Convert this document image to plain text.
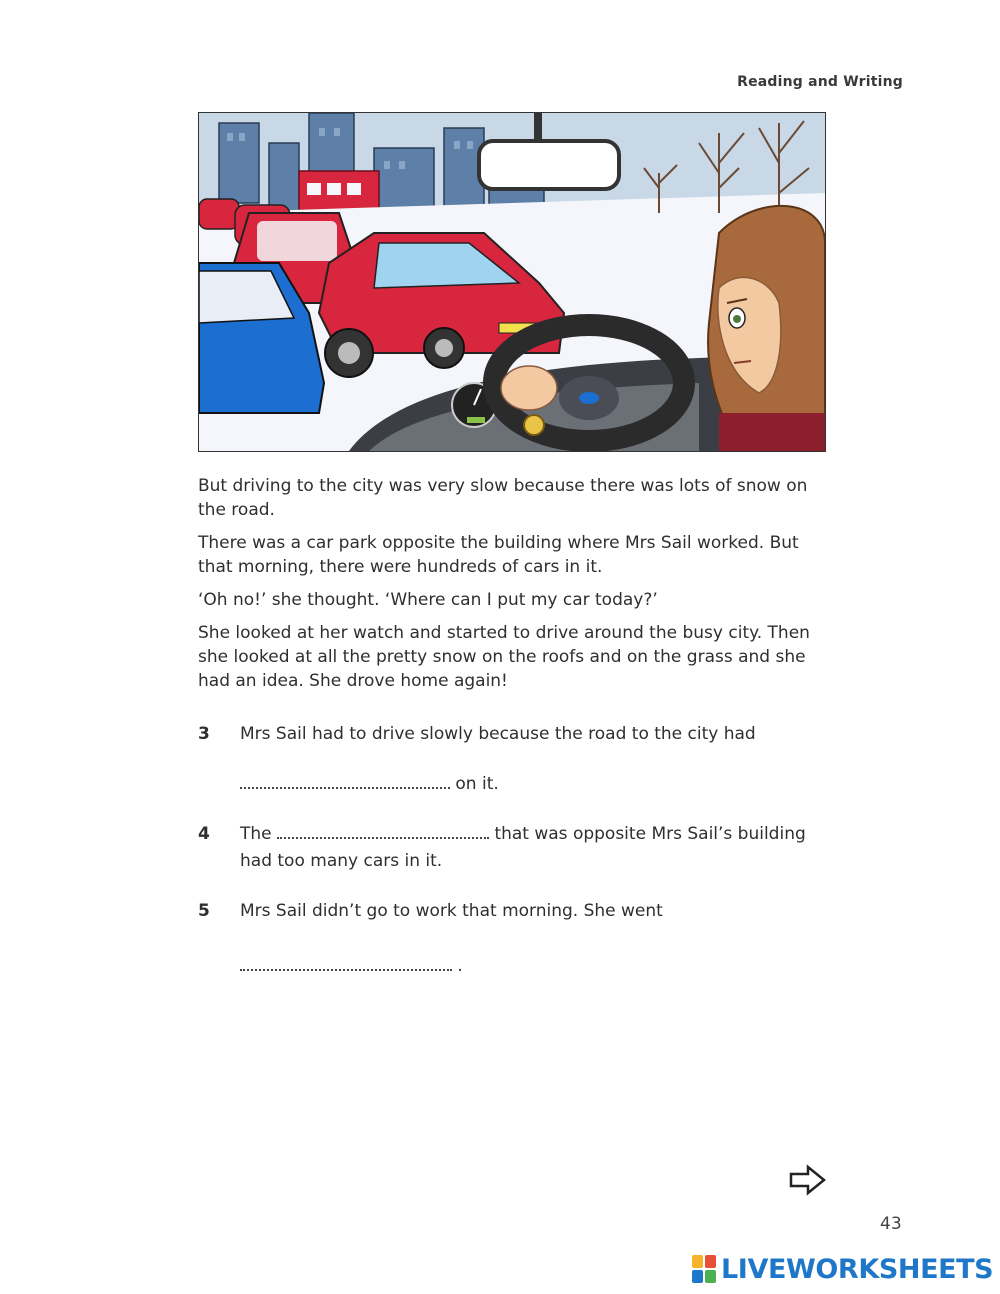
Reading and Writing

But driving to the city was very slow because there was lots of snow on the road.

There was a car park opposite the building where Mrs Sail worked. But that morning, there were hundreds of cars in it.

‘Oh no!’ she thought. ‘Where can I put my car today?’

She looked at her watch and started to drive around the busy city. Then she looked at all the pretty snow on the roofs and on the grass and she had an idea. She drove home again!

3	Mrs Sail had to drive slowly because the road to the city had
on it.
4	The	that was opposite Mrs Sail’s building had too many cars in it.
5	Mrs Sail didn’t go to work that morning. She went
.
43
LIVEWORKSHEETS
